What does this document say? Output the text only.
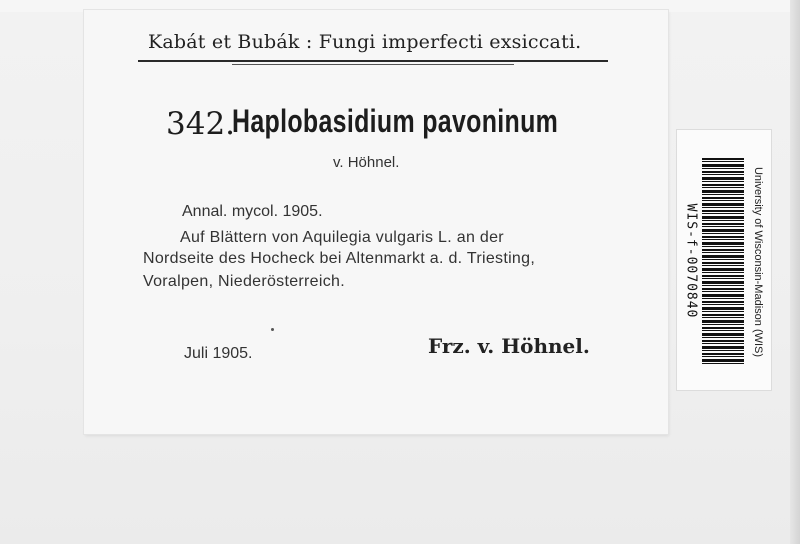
Kabát et Bubák : Fungi imperfecti exsiccati.
342.
Haplobasidium pavoninum
v. Höhnel.
Annal. mycol. 1905.
Auf Blättern von Aquilegia vulgaris L. an der
Nordseite des Hocheck bei Altenmarkt a. d. Triesting,
Voralpen, Niederösterreich.
Juli 1905.	Frz. v. Höhnel.
WIS-f-0070840	University of Wisconsin-Madison (WIS)
